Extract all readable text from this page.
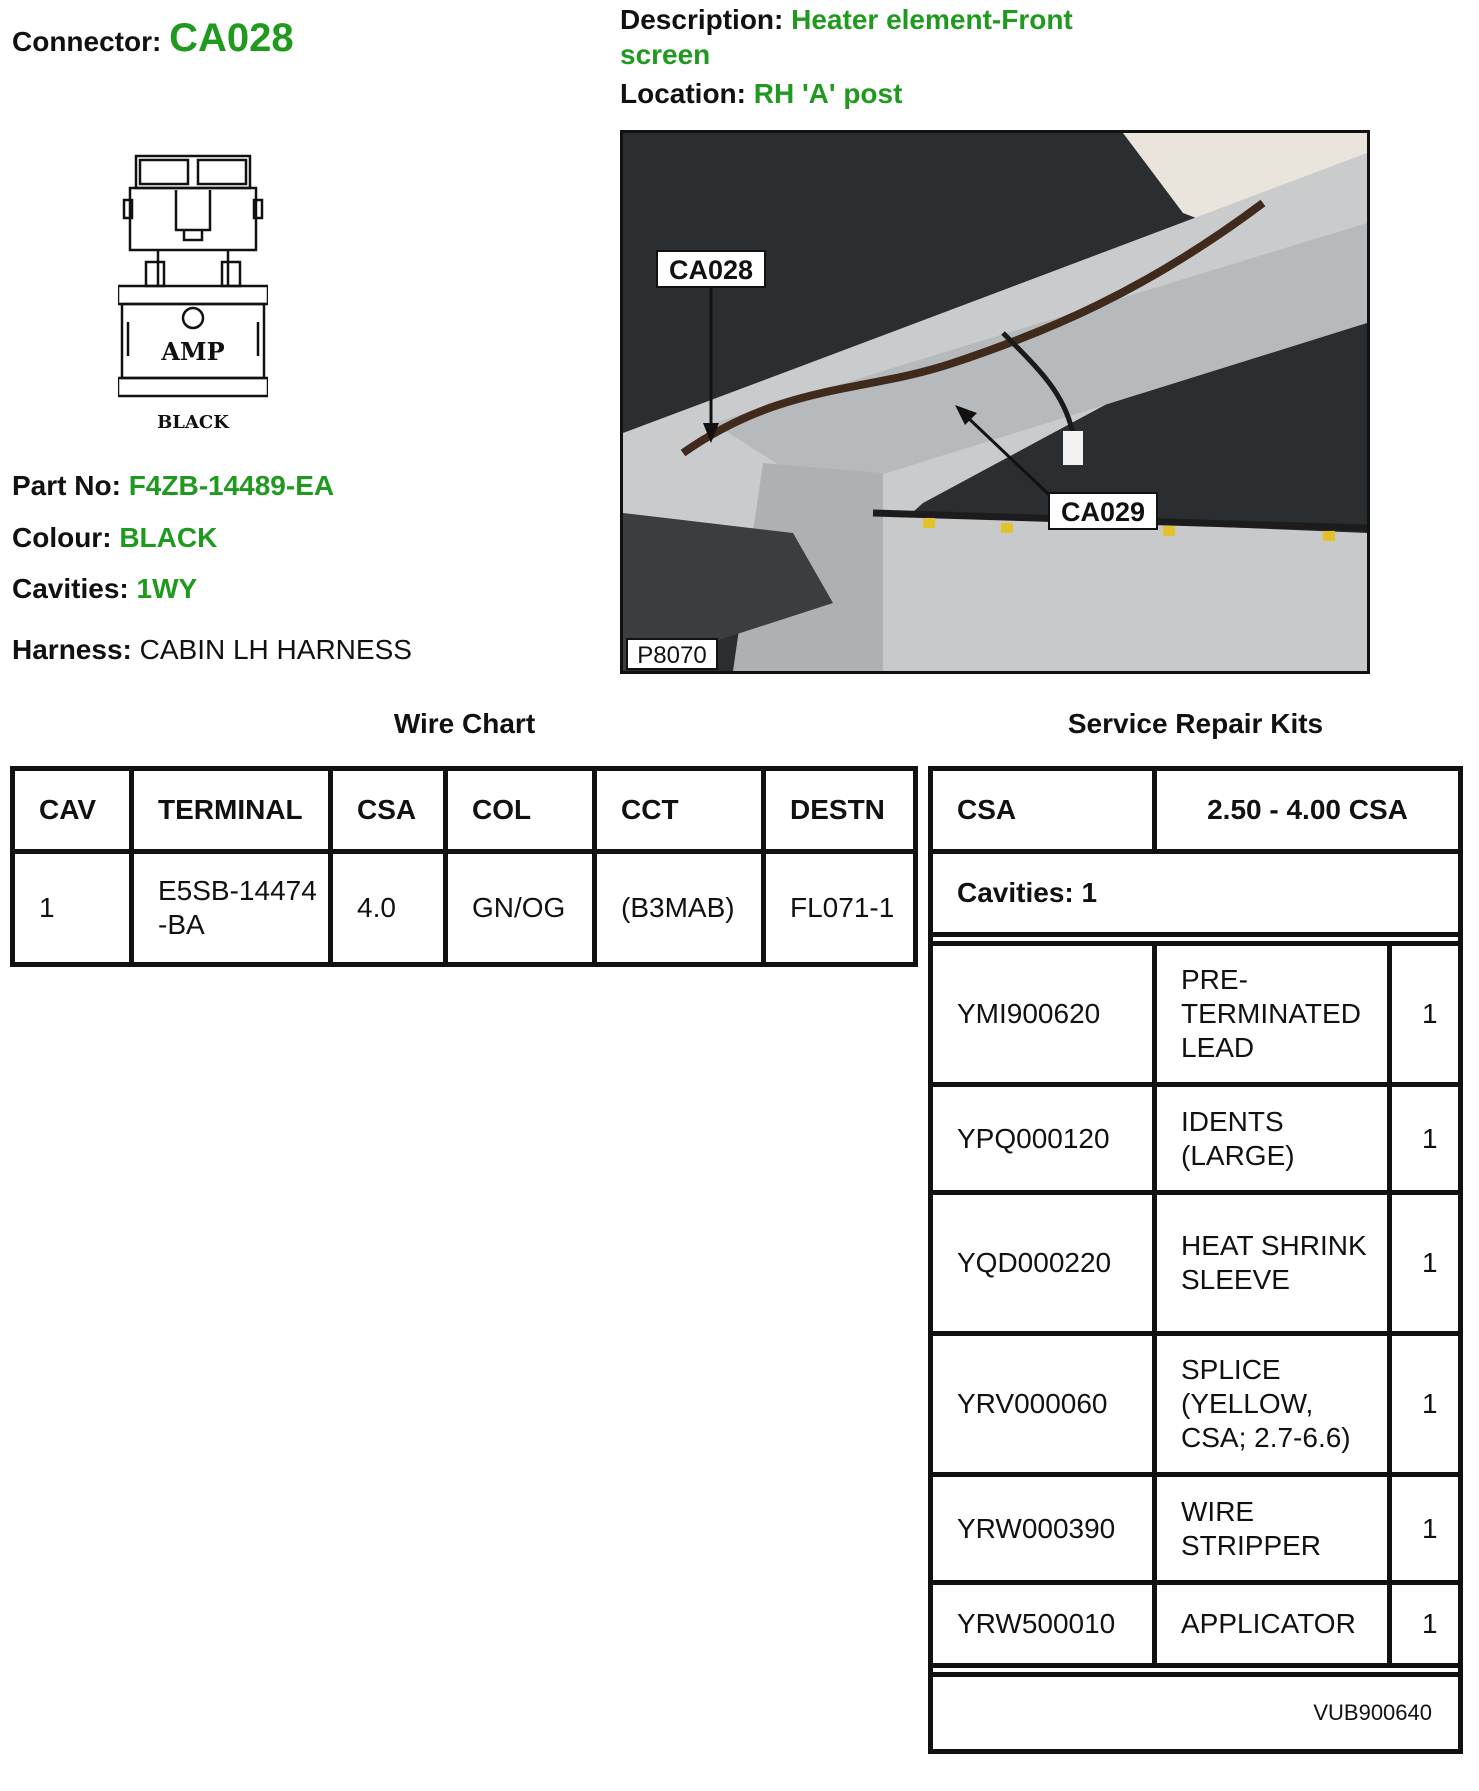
Connector: CA028	Description: Heater element-Front screen
Location: RH 'A' post
AMP
BLACK
Part No: F4ZB-14489-EA
Colour: BLACK
Cavities: 1WY
Harness: CABIN LH HARNESS
CA028
CA029
P8070
Wire Chart	Service Repair Kits
CAV	TERMINAL	CSA	COL	CCT	DESTN
1	E5SB-14474-BA	4.0	GN/OG	(B3MAB)	FL071-1
CSA	2.50 - 4.00 CSA	
Cavities: 1		

YMI900620	PRE-TERMINATED LEAD	1
YPQ000120	IDENTS (LARGE)	1
YQD000220	HEAT SHRINK SLEEVE	1
YRV000060	SPLICE (YELLOW, CSA; 2.7-6.6)	1
YRW000390	WIRE STRIPPER	1
YRW500010	APPLICATOR	1

VUB900640		
